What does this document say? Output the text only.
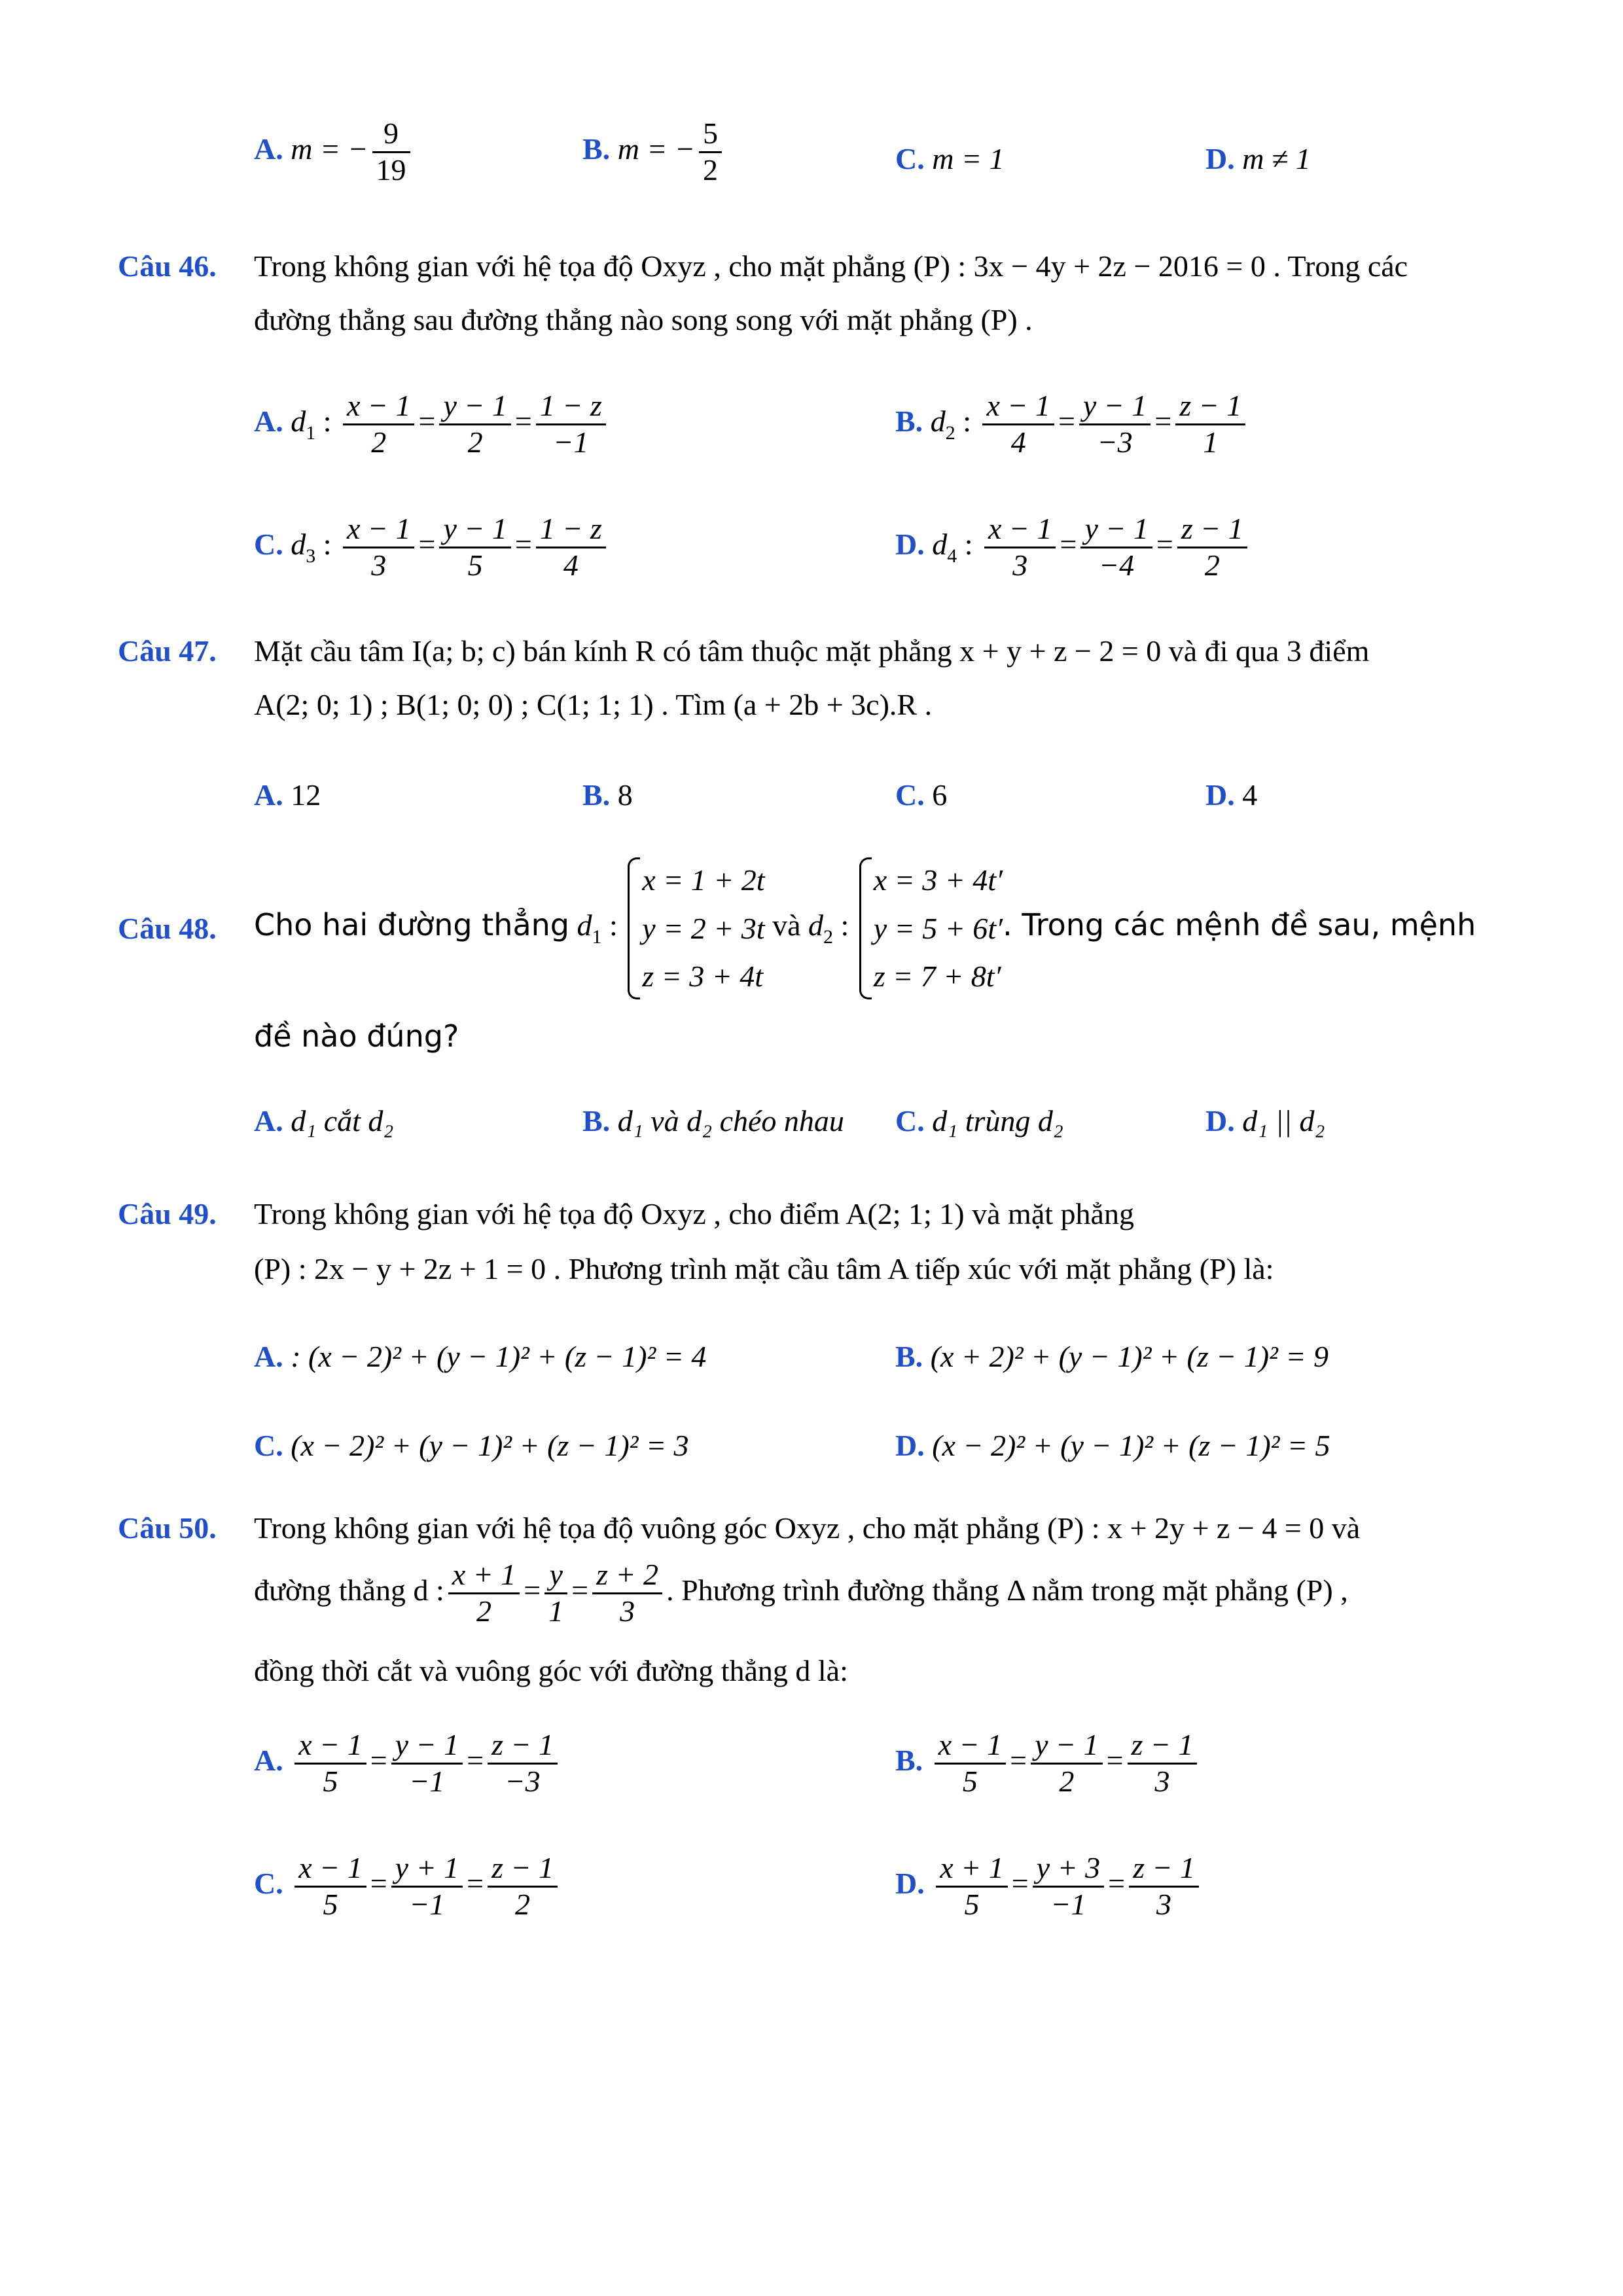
A. m = − $\frac{9}{19}$	B. m = − $\frac{5}{2}$	C. m = 1	D. m ≠ 1
Câu 46. Trong không gian với hệ tọa độ Oxyz , cho mặt phẳng (P) : 3x − 4y + 2z − 2016 = 0 . Trong các
đường thẳng sau đường thẳng nào song song với mặt phẳng (P) .
A. $d_1$ : $\frac{x - 1}{2} = \frac{y - 1}{2} = \frac{1 - z}{-1}$	B. $d_2$ : $\frac{x - 1}{4} = \frac{y - 1}{-3} = \frac{z - 1}{1}$
C. $d_3$ : $\frac{x - 1}{3} = \frac{y - 1}{5} = \frac{1 - z}{4}$	D. $d_4$ : $\frac{x - 1}{3} = \frac{y - 1}{-4} = \frac{z - 1}{2}$
Câu 47. Mặt cầu tâm I(a; b; c) bán kính R có tâm thuộc mặt phẳng x + y + z − 2 = 0 và đi qua 3 điểm
A(2; 0; 1) ; B(1; 0; 0) ; C(1; 1; 1) . Tìm (a + 2b + 3c).R .
A. 12	B. 8	C. 6	D. 4
Câu 48. Cho hai đường thẳng $d_1$ :
x = 1 + 2t
y = 2 + 3t
z = 3 + 4t
và $d_2$ :
x = 3 + 4t′
y = 5 + 6t′
z = 7 + 8t′
. Trong các mệnh đề sau, mệnh
đề nào đúng?
A. d₁ cắt d₂	B. d₁ và d₂ chéo nhau C. d₁ trùng d₂	D. d₁ || d₂
Câu 49. Trong không gian với hệ tọa độ Oxyz , cho điểm A(2; 1; 1) và mặt phẳng
(P) : 2x − y + 2z + 1 = 0 . Phương trình mặt cầu tâm A tiếp xúc với mặt phẳng (P) là:
A. : (x − 2)² + (y − 1)² + (z − 1)² = 4	B. (x + 2)² + (y − 1)² + (z − 1)² = 9
C. (x − 2)² + (y − 1)² + (z − 1)² = 3	D. (x − 2)² + (y − 1)² + (z − 1)² = 5
Câu 50. Trong không gian với hệ tọa độ vuông góc Oxyz , cho mặt phẳng (P) : x + 2y + z − 4 = 0 và
đường thẳng d : $\frac{x + 1}{2} = \frac{y}{1} = \frac{z + 2}{3}$ . Phương trình đường thẳng Δ nằm trong mặt phẳng (P) ,
đồng thời cắt và vuông góc với đường thẳng d là:
A. $\frac{x - 1}{5} = \frac{y - 1}{-1} = \frac{z - 1}{-3}$	B. $\frac{x - 1}{5} = \frac{y - 1}{2} = \frac{z - 1}{3}$
C. $\frac{x - 1}{5} = \frac{y + 1}{-1} = \frac{z - 1}{2}$	D. $\frac{x + 1}{5} = \frac{y + 3}{-1} = \frac{z - 1}{3}$
